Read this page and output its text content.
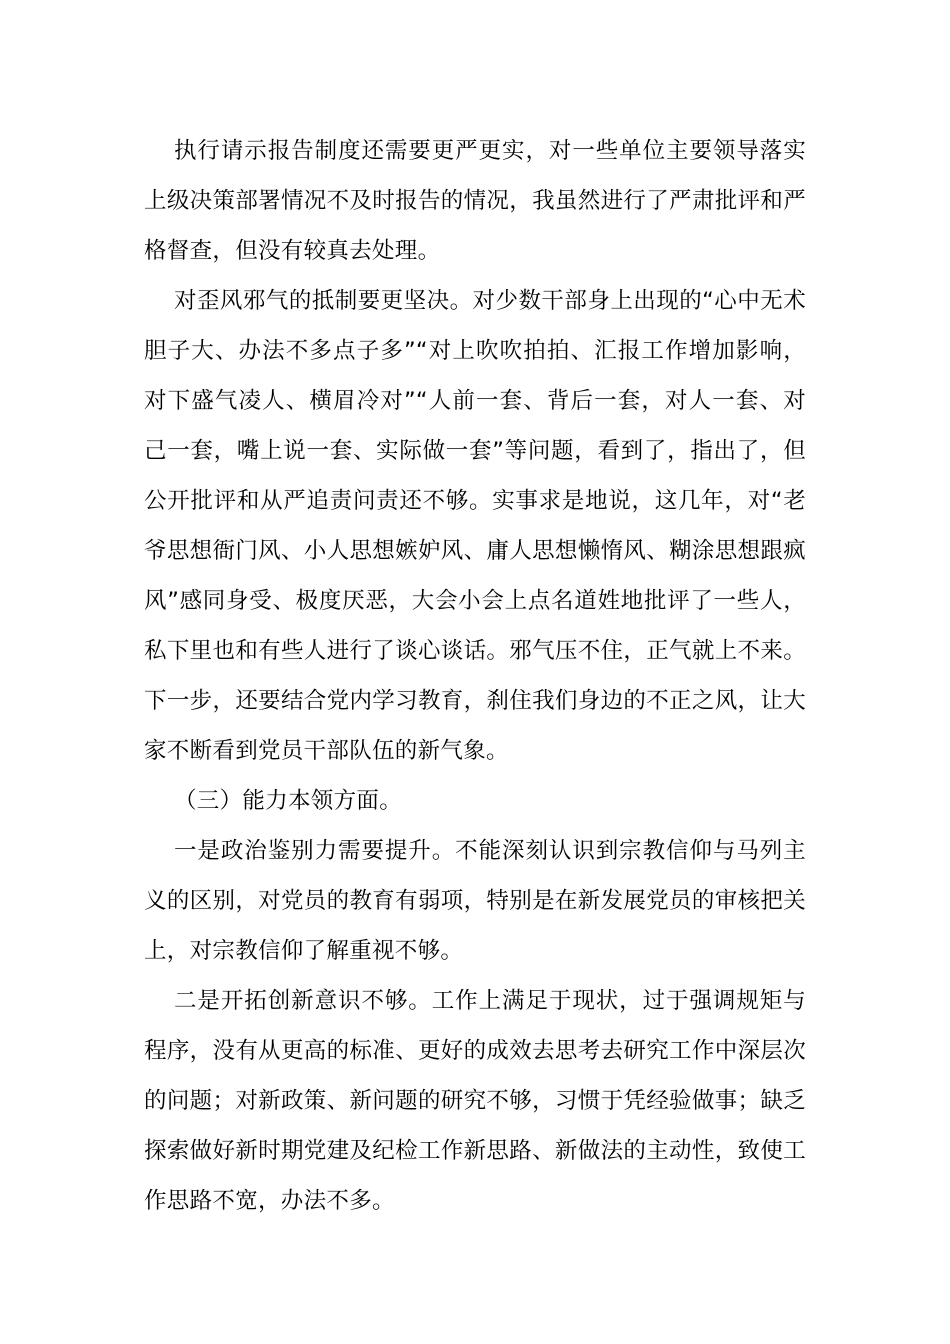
执行请示报告制度还需要更严更实，对一些单位主要领导落实上级决策部署情况不及时报告的情况，我虽然进行了严肃批评和严格督查，但没有较真去处理。

对歪风邪气的抵制要更坚决。对少数干部身上出现的“心中无术胆子大、办法不多点子多”“对上吹吹拍拍、汇报工作增加影响，对下盛气凌人、横眉冷对”“人前一套、背后一套，对人一套、对己一套，嘴上说一套、实际做一套”等问题，看到了，指出了，但公开批评和从严追责问责还不够。实事求是地说，这几年，对“老爷思想衙门风、小人思想嫉妒风、庸人思想懒惰风、糊涂思想跟疯风”感同身受、极度厌恶，大会小会上点名道姓地批评了一些人，私下里也和有些人进行了谈心谈话。邪气压不住，正气就上不来。下一步，还要结合党内学习教育，刹住我们身边的不正之风，让大家不断看到党员干部队伍的新气象。

（三）能力本领方面。

一是政治鉴别力需要提升。不能深刻认识到宗教信仰与马列主义的区别，对党员的教育有弱项，特别是在新发展党员的审核把关上，对宗教信仰了解重视不够。

二是开拓创新意识不够。工作上满足于现状，过于强调规矩与程序，没有从更高的标准、更好的成效去思考去研究工作中深层次的问题；对新政策、新问题的研究不够，习惯于凭经验做事；缺乏探索做好新时期党建及纪检工作新思路、新做法的主动性，致使工作思路不宽，办法不多。
